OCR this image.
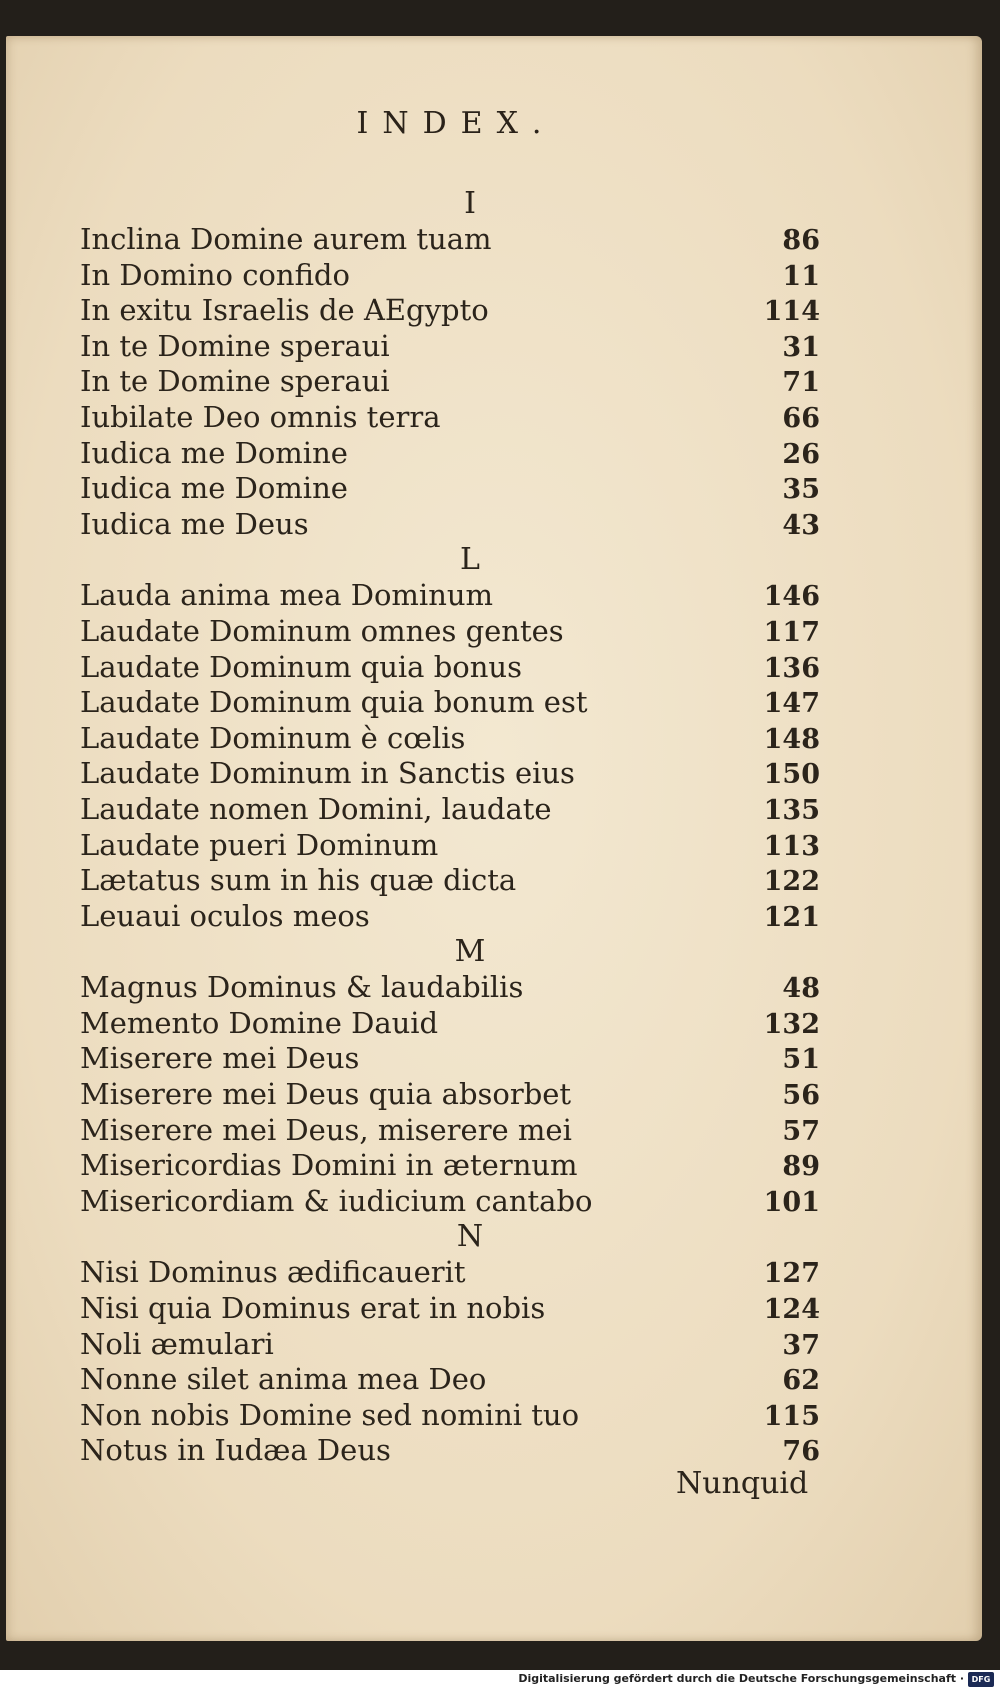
INDEX.
I
Inclina Domine aurem tuam	86
In Domino confido	11
In exitu Israelis de AEgypto	114
In te Domine speraui	31
In te Domine speraui	71
Iubilate Deo omnis terra	66
Iudica me Domine	26
Iudica me Domine	35
Iudica me Deus	43
L
Lauda anima mea Dominum	146
Laudate Dominum omnes gentes	117
Laudate Dominum quia bonus	136
Laudate Dominum quia bonum est	147
Laudate Dominum è cœlis	148
Laudate Dominum in Sanctis eius	150
Laudate nomen Domini, laudate	135
Laudate pueri Dominum	113
Lætatus sum in his quæ dicta	122
Leuaui oculos meos	121
M
Magnus Dominus & laudabilis	48
Memento Domine Dauid	132
Miserere mei Deus	51
Miserere mei Deus quia absorbet	56
Miserere mei Deus, miserere mei	57
Misericordias Domini in æternum	89
Misericordiam & iudicium cantabo	101
N
Nisi Dominus ædificauerit	127
Nisi quia Dominus erat in nobis	124
Noli æmulari	37
Nonne silet anima mea Deo	62
Non nobis Domine sed nomini tuo	115
Notus in Iudæa Deus	76
Nunquid
Digitalisierung gefördert durch die Deutsche Forschungsgemeinschaft · DFG
